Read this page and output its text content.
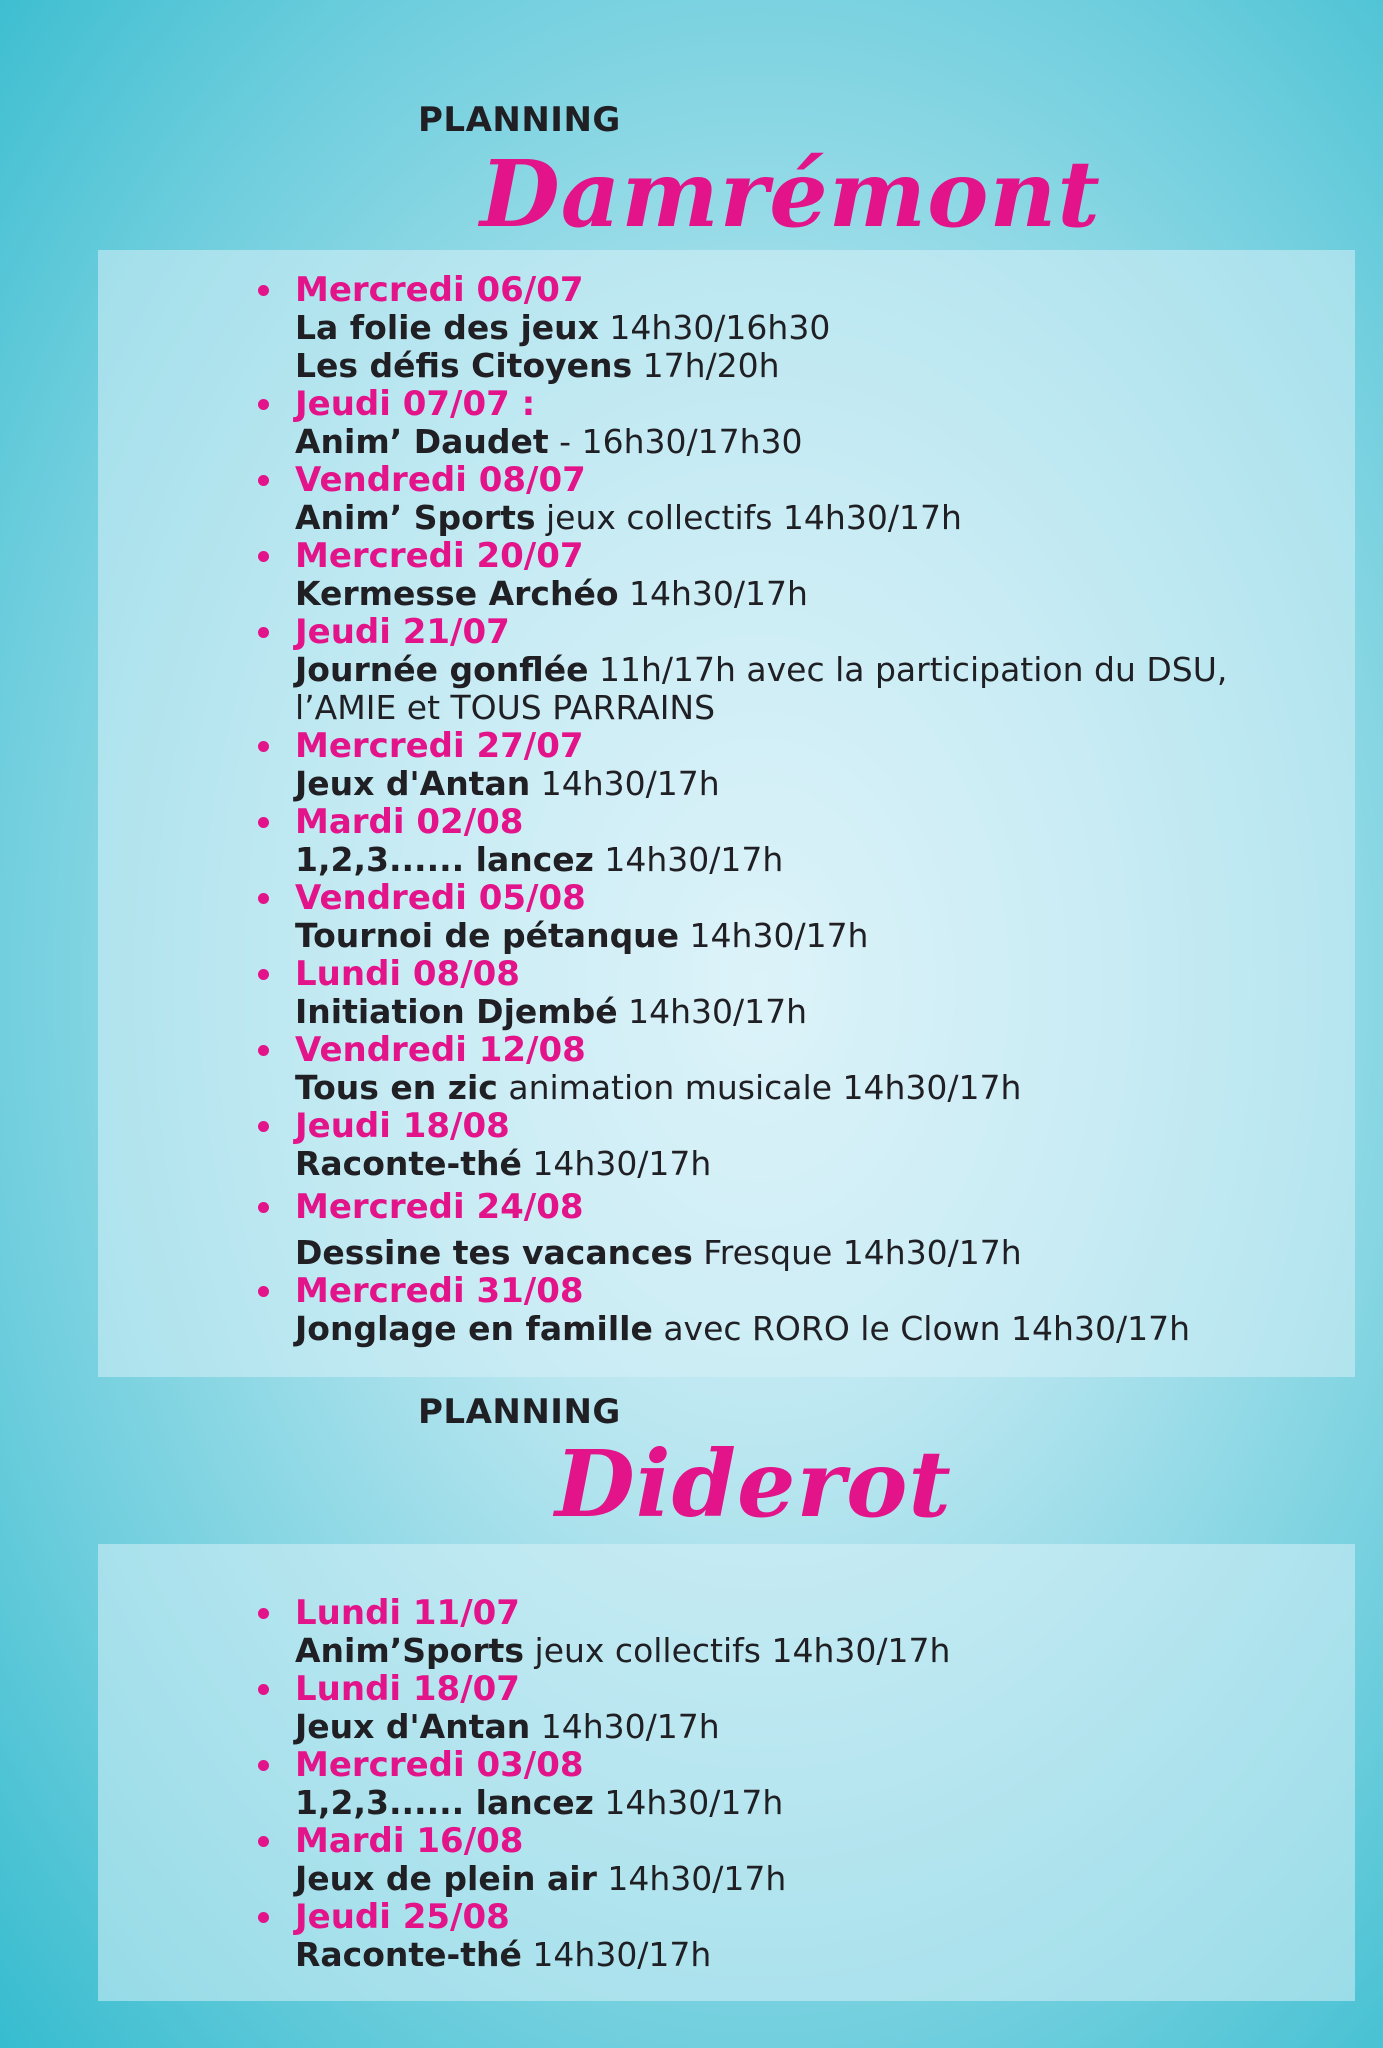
PLANNING
Damrémont
Mercredi 06/07
La folie des jeux 14h30/16h30
Les défis Citoyens 17h/20h
Jeudi 07/07 :
Anim’ Daudet - 16h30/17h30
Vendredi 08/07
Anim’ Sports jeux collectifs 14h30/17h
Mercredi 20/07
Kermesse Archéo 14h30/17h
Jeudi 21/07
Journée gonflée 11h/17h avec la participation du DSU,
l’AMIE et TOUS PARRAINS
Mercredi 27/07
Jeux d'Antan 14h30/17h
Mardi 02/08
1,2,3...... lancez 14h30/17h
Vendredi 05/08
Tournoi de pétanque 14h30/17h
Lundi 08/08
Initiation Djembé 14h30/17h
Vendredi 12/08
Tous en zic animation musicale 14h30/17h
Jeudi 18/08
Raconte-thé 14h30/17h
Mercredi 24/08
Dessine tes vacances Fresque 14h30/17h
Mercredi 31/08
Jonglage en famille avec RORO le Clown 14h30/17h
PLANNING
Diderot
Lundi 11/07
Anim’Sports jeux collectifs 14h30/17h
Lundi 18/07
Jeux d'Antan 14h30/17h
Mercredi 03/08
1,2,3...... lancez 14h30/17h
Mardi 16/08
Jeux de plein air 14h30/17h
Jeudi 25/08
Raconte-thé 14h30/17h
